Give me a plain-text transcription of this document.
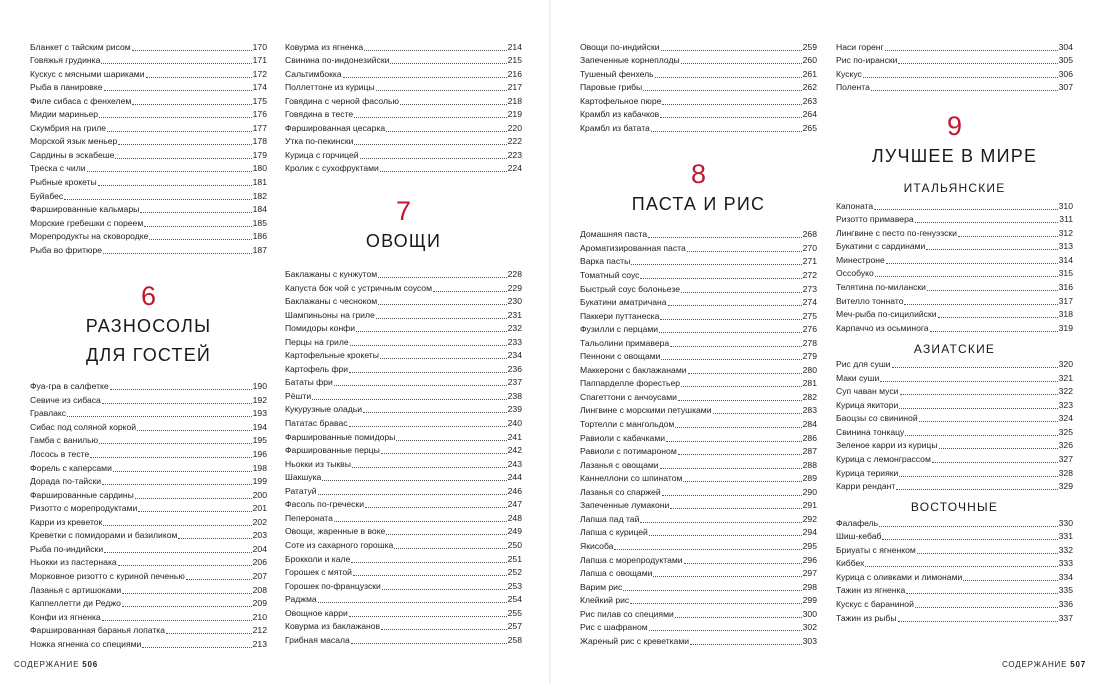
Бланкет с тайским рисом	170
Говяжья грудинка	171
Кускус с мясными шариками	172
Рыба в панировке	174
Филе сибаса с фенхелем	175
Мидии мариньер	176
Скумбрия на гриле	177
Морской язык меньер	178
Сардины в эскабеше	179
Треска с чили	180
Рыбные крокеты	181
Буйабес	182
Фаршированные кальмары	184
Морские гребешки с пореем	185
Морепродукты на сковородке	186
Рыба во фритюре	187
6
РАЗНОСОЛЫ
ДЛЯ ГОСТЕЙ
Фуа-гра в салфетке	190
Севиче из сибаса	192
Гравлакс	193
Сибас под соляной коркой	194
Гамба с ванилью	195
Лосось в тесте	196
Форель с каперсами	198
Дорада по-тайски	199
Фаршированные сардины	200
Ризотто с морепродуктами	201
Карри из креветок	202
Креветки с помидорами и базиликом	203
Рыба по-индийски	204
Ньокки из пастернака	206
Морковное ризотто с куриной печенью	207
Лазанья с артишоками	208
Каппеллетти ди Реджо	209
Конфи из ягненка	210
Фаршированная баранья лопатка	212
Ножка ягненка со специями	213
Ковурма из ягненка	214
Свинина по-индонезийски	215
Сальтимбокка	216
Поллеттоне из курицы	217
Говядина с черной фасолью	218
Говядина в тесте	219
Фаршированная цесарка	220
Утка по-пекински	222
Курица с горчицей	223
Кролик с сухофруктами	224
7
ОВОЩИ
Баклажаны с кунжутом	228
Капуста бок чой с устричным соусом	229
Баклажаны с чесноком	230
Шампиньоны на гриле	231
Помидоры конфи	232
Перцы на гриле	233
Картофельные крокеты	234
Картофель фри	236
Бататы фри	237
Рёшти	238
Кукурузные оладьи	239
Пататас бравас	240
Фаршированные помидоры	241
Фаршированные перцы	242
Ньокки из тыквы	243
Шакшука	244
Рататуй	246
Фасоль по-гречески	247
Пепероната	248
Овощи, жаренные в воке	249
Соте из сахарного горошка	250
Брокколи и кале	251
Горошек с мятой	252
Горошек по-французски	253
Раджма	254
Овощное карри	255
Ковурма из баклажанов	257
Грибная масала	258
СОДЕРЖАНИЕ 506
Овощи по-индийски	259
Запеченные корнеплоды	260
Тушеный фенхель	261
Паровые грибы	262
Картофельное пюре	263
Крамбл из кабачков	264
Крамбл из батата	265
8
ПАСТА И РИС
Домашняя паста	268
Ароматизированная паста	270
Варка пасты	271
Томатный соус	272
Быстрый соус болоньезе	273
Букатини аматричана	274
Паккери путтанеска	275
Фузилли с перцами	276
Тальолини примавера	278
Пеннони с овощами	279
Маккерони с баклажанами	280
Паппарделле форестьер	281
Спагеттони с анчоусами	282
Лингвине с морскими петушками	283
Тортелли с мангольдом	284
Равиоли с кабачками	286
Равиоли с потимароном	287
Лазанья с овощами	288
Каннеллони со шпинатом	289
Лазанья со спаржей	290
Запеченные лумакони	291
Лапша пад тай	292
Лапша с курицей	294
Якисоба	295
Лапша с морепродуктами	296
Лапша с овощами	297
Варим рис	298
Клейкий рис	299
Рис пилав со специями	300
Рис с шафраном	302
Жареный рис с креветками	303
Наси горенг	304
Рис по-ирански	305
Кускус	306
Полента	307
9
ЛУЧШЕЕ В МИРЕ
ИТАЛЬЯНСКИЕ
Капоната	310
Ризотто примавера	311
Лингвине с песто по-генуэзски	312
Букатини с сардинами	313
Минестроне	314
Оссобуко	315
Телятина по-милански	316
Вителло тоннато	317
Меч-рыба по-сицилийски	318
Карпаччо из осьминога	319
АЗИАТСКИЕ
Рис для суши	320
Маки суши	321
Суп чаван муси	322
Курица якитори	323
Баоцзы со свининой	324
Свинина тонкацу	325
Зеленое карри из курицы	326
Курица с лемонграссом	327
Курица терияки	328
Карри рендант	329
ВОСТОЧНЫЕ
Фалафель	330
Шиш-кебаб	331
Бриуаты с ягненком	332
Киббех	333
Курица с оливками и лимонами	334
Тажин из ягненка	335
Кускус с бараниной	336
Тажин из рыбы	337
СОДЕРЖАНИЕ 507
